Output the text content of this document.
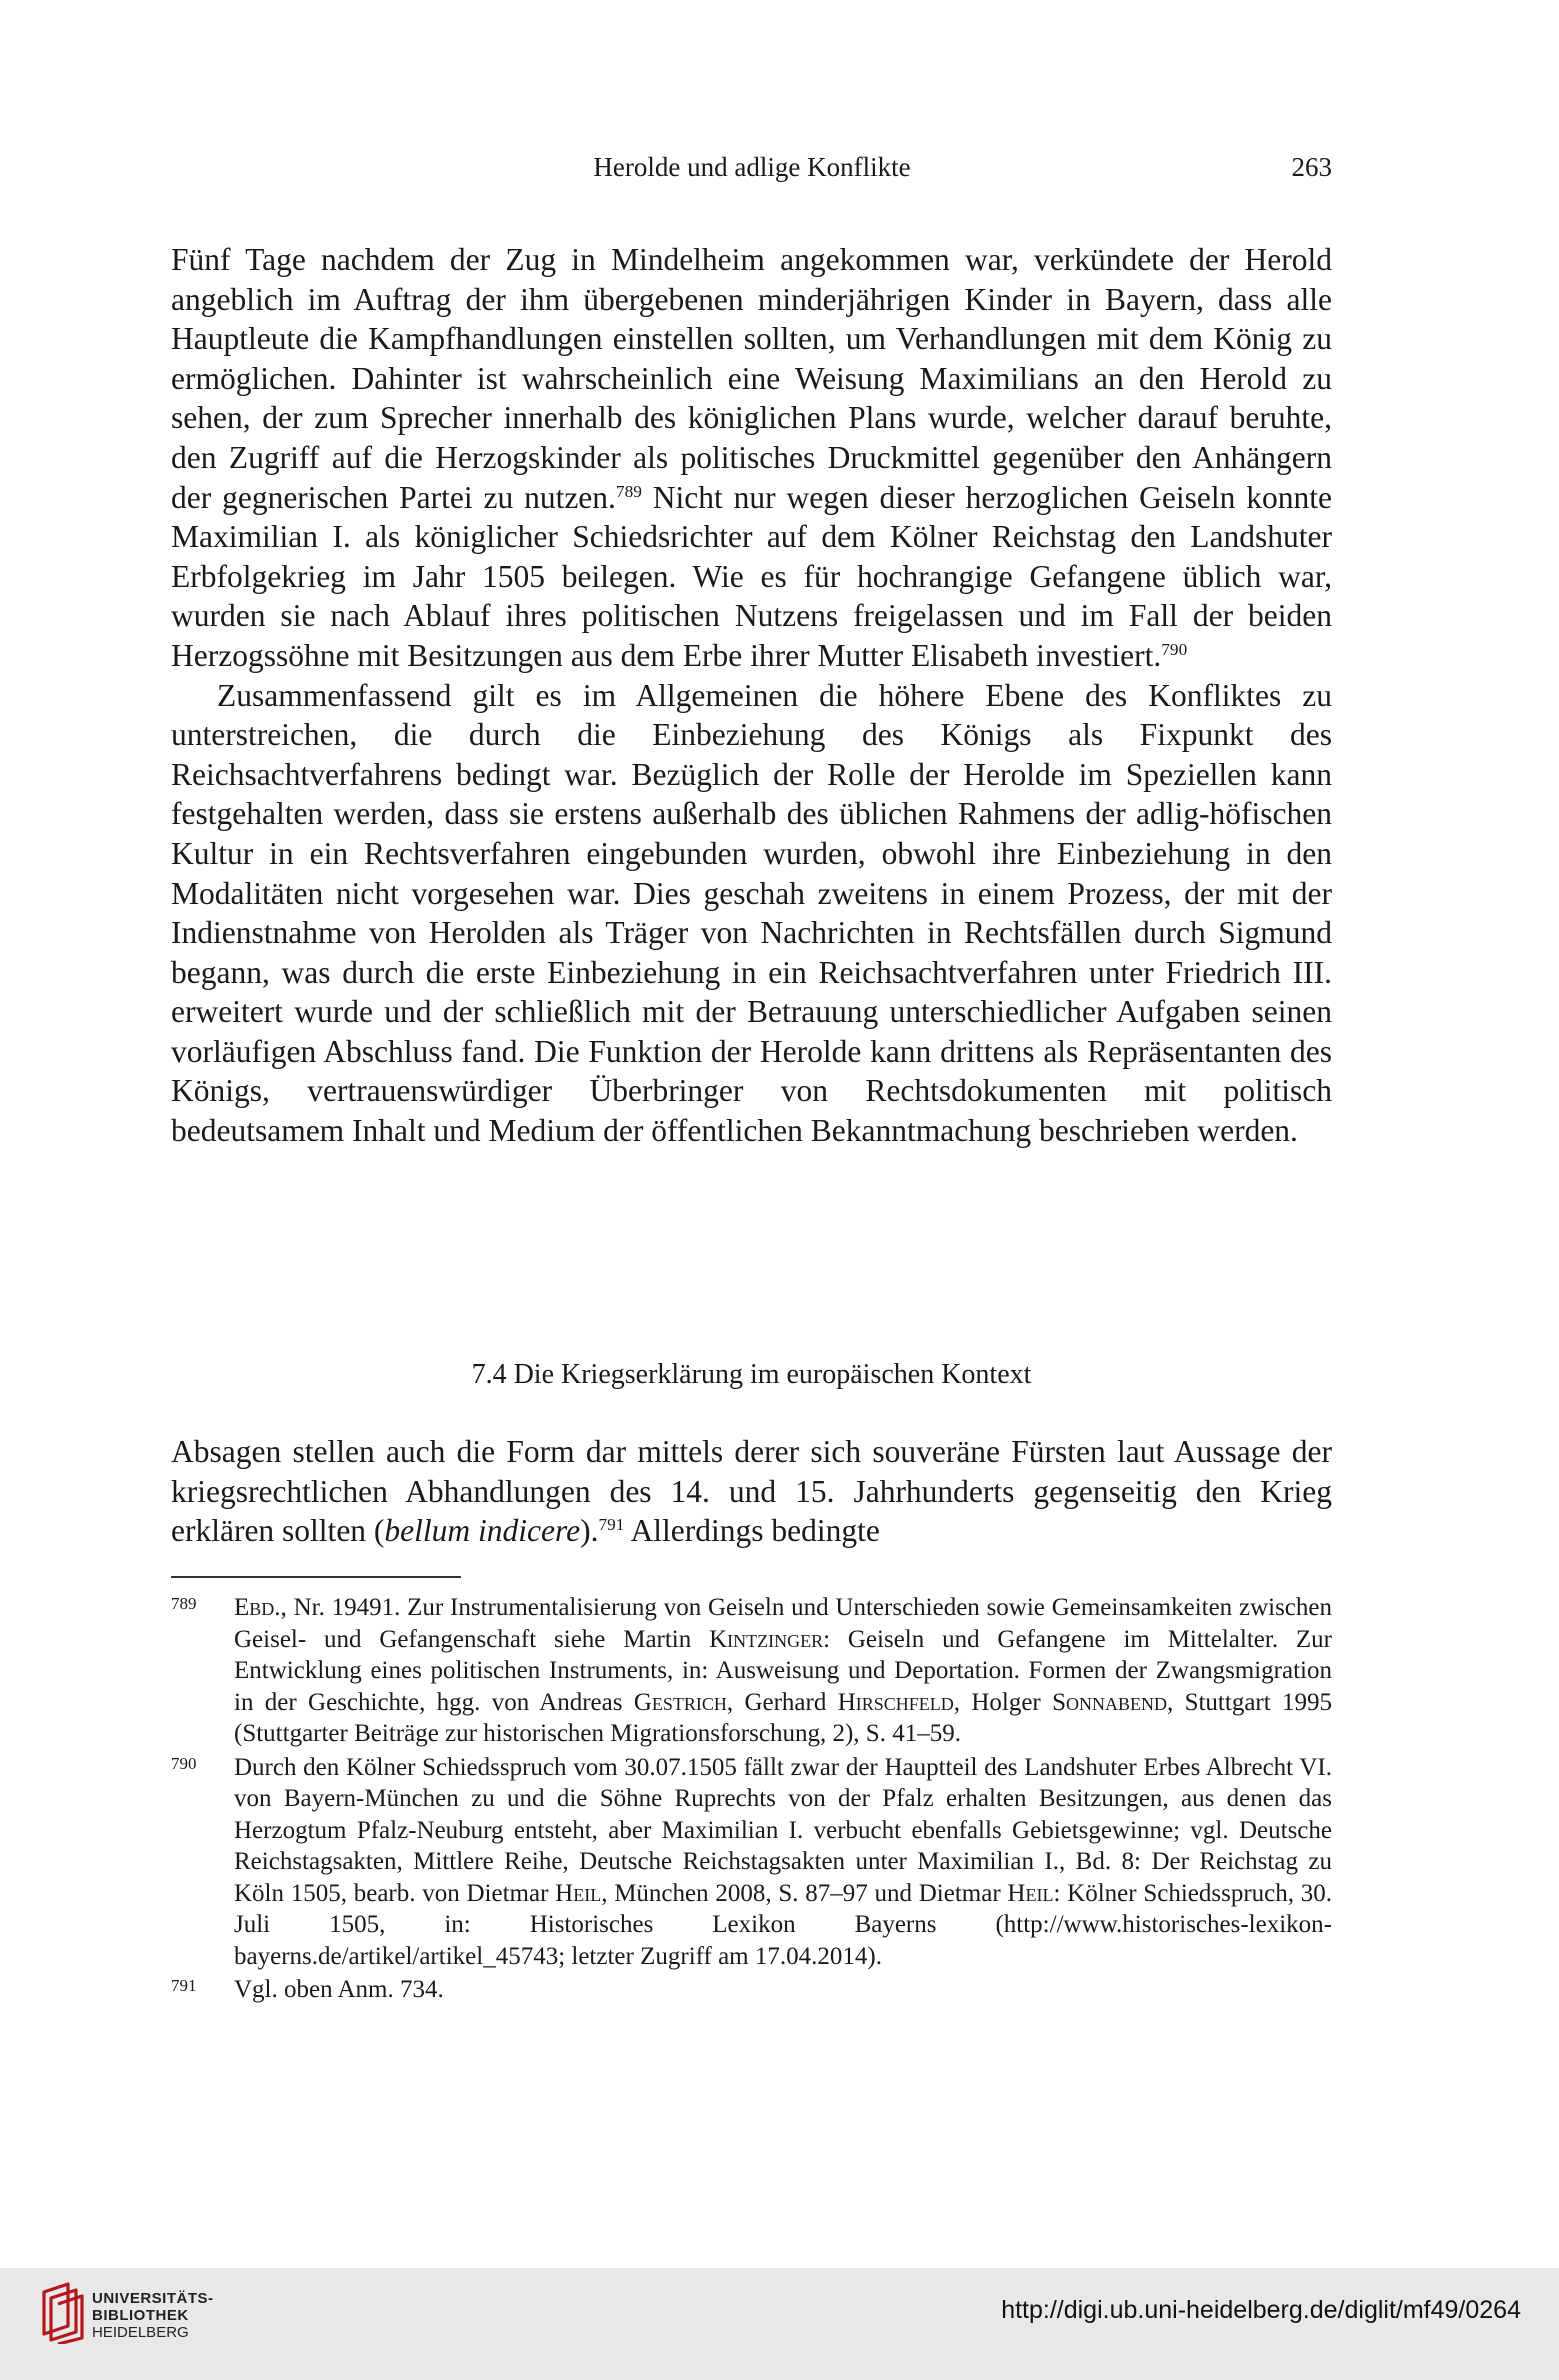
Herolde und adlige Konflikte	263

Fünf Tage nachdem der Zug in Mindelheim angekommen war, verkündete der Herold angeblich im Auftrag der ihm übergebenen minderjährigen Kinder in Bayern, dass alle Hauptleute die Kampfhandlungen einstellen sollten, um Verhandlungen mit dem König zu ermöglichen. Dahinter ist wahrscheinlich eine Weisung Maximilians an den Herold zu sehen, der zum Sprecher innerhalb des königlichen Plans wurde, welcher darauf beruhte, den Zugriff auf die Herzogskinder als politisches Druckmittel gegenüber den Anhängern der gegnerischen Partei zu nutzen.$^{789}$ Nicht nur wegen dieser herzoglichen Geiseln konnte Maximilian I. als königlicher Schiedsrichter auf dem Kölner Reichstag den Landshuter Erbfolgekrieg im Jahr 1505 beilegen. Wie es für hochrangige Gefangene üblich war, wurden sie nach Ablauf ihres politischen Nutzens freigelassen und im Fall der beiden Herzogssöhne mit Besitzungen aus dem Erbe ihrer Mutter Elisabeth investiert.$^{790}$

Zusammenfassend gilt es im Allgemeinen die höhere Ebene des Konfliktes zu unterstreichen, die durch die Einbeziehung des Königs als Fixpunkt des Reichsachtverfahrens bedingt war. Bezüglich der Rolle der Herolde im Speziellen kann festgehalten werden, dass sie erstens außerhalb des üblichen Rahmens der adlig-höfischen Kultur in ein Rechtsverfahren eingebunden wurden, obwohl ihre Einbeziehung in den Modalitäten nicht vorgesehen war. Dies geschah zweitens in einem Prozess, der mit der Indienstnahme von Herolden als Träger von Nachrichten in Rechtsfällen durch Sigmund begann, was durch die erste Einbeziehung in ein Reichsachtverfahren unter Friedrich III. erweitert wurde und der schließlich mit der Betrauung unterschiedlicher Aufgaben seinen vorläufigen Abschluss fand. Die Funktion der Herolde kann drittens als Repräsentanten des Königs, vertrauenswürdiger Überbringer von Rechtsdokumenten mit politisch bedeutsamem Inhalt und Medium der öffentlichen Bekanntmachung beschrieben werden.

7.4 Die Kriegserklärung im europäischen Kontext

Absagen stellen auch die Form dar mittels derer sich souveräne Fürsten laut Aussage der kriegsrechtlichen Abhandlungen des 14. und 15. Jahrhunderts gegenseitig den Krieg erklären sollten (bellum indicere).$^{791}$ Allerdings bedingte

789 Ebd., Nr. 19491. Zur Instrumentalisierung von Geiseln und Unterschieden sowie Gemeinsamkeiten zwischen Geisel- und Gefangenschaft siehe Martin Kintzinger: Geiseln und Gefangene im Mittelalter. Zur Entwicklung eines politischen Instruments, in: Ausweisung und Deportation. Formen der Zwangsmigration in der Geschichte, hgg. von Andreas Gestrich, Gerhard Hirschfeld, Holger Sonnabend, Stuttgart 1995 (Stuttgarter Beiträge zur historischen Migrationsforschung, 2), S. 41–59.
790 Durch den Kölner Schiedsspruch vom 30.07.1505 fällt zwar der Hauptteil des Landshuter Erbes Albrecht VI. von Bayern-München zu und die Söhne Ruprechts von der Pfalz erhalten Besitzungen, aus denen das Herzogtum Pfalz-Neuburg entsteht, aber Maximilian I. verbucht ebenfalls Gebietsgewinne; vgl. Deutsche Reichstagsakten, Mittlere Reihe, Deutsche Reichstagsakten unter Maximilian I., Bd. 8: Der Reichstag zu Köln 1505, bearb. von Dietmar Heil, München 2008, S. 87–97 und Dietmar Heil: Kölner Schiedsspruch, 30. Juli 1505, in: Historisches Lexikon Bayerns (http://www.historisches-lexikon-bayerns.de/artikel/artikel_45743; letzter Zugriff am 17.04.2014).
791 Vgl. oben Anm. 734.
UNIVERSITÄTS-
BIBLIOTHEK
HEIDELBERG
http://digi.ub.uni-heidelberg.de/diglit/mf49/0264
